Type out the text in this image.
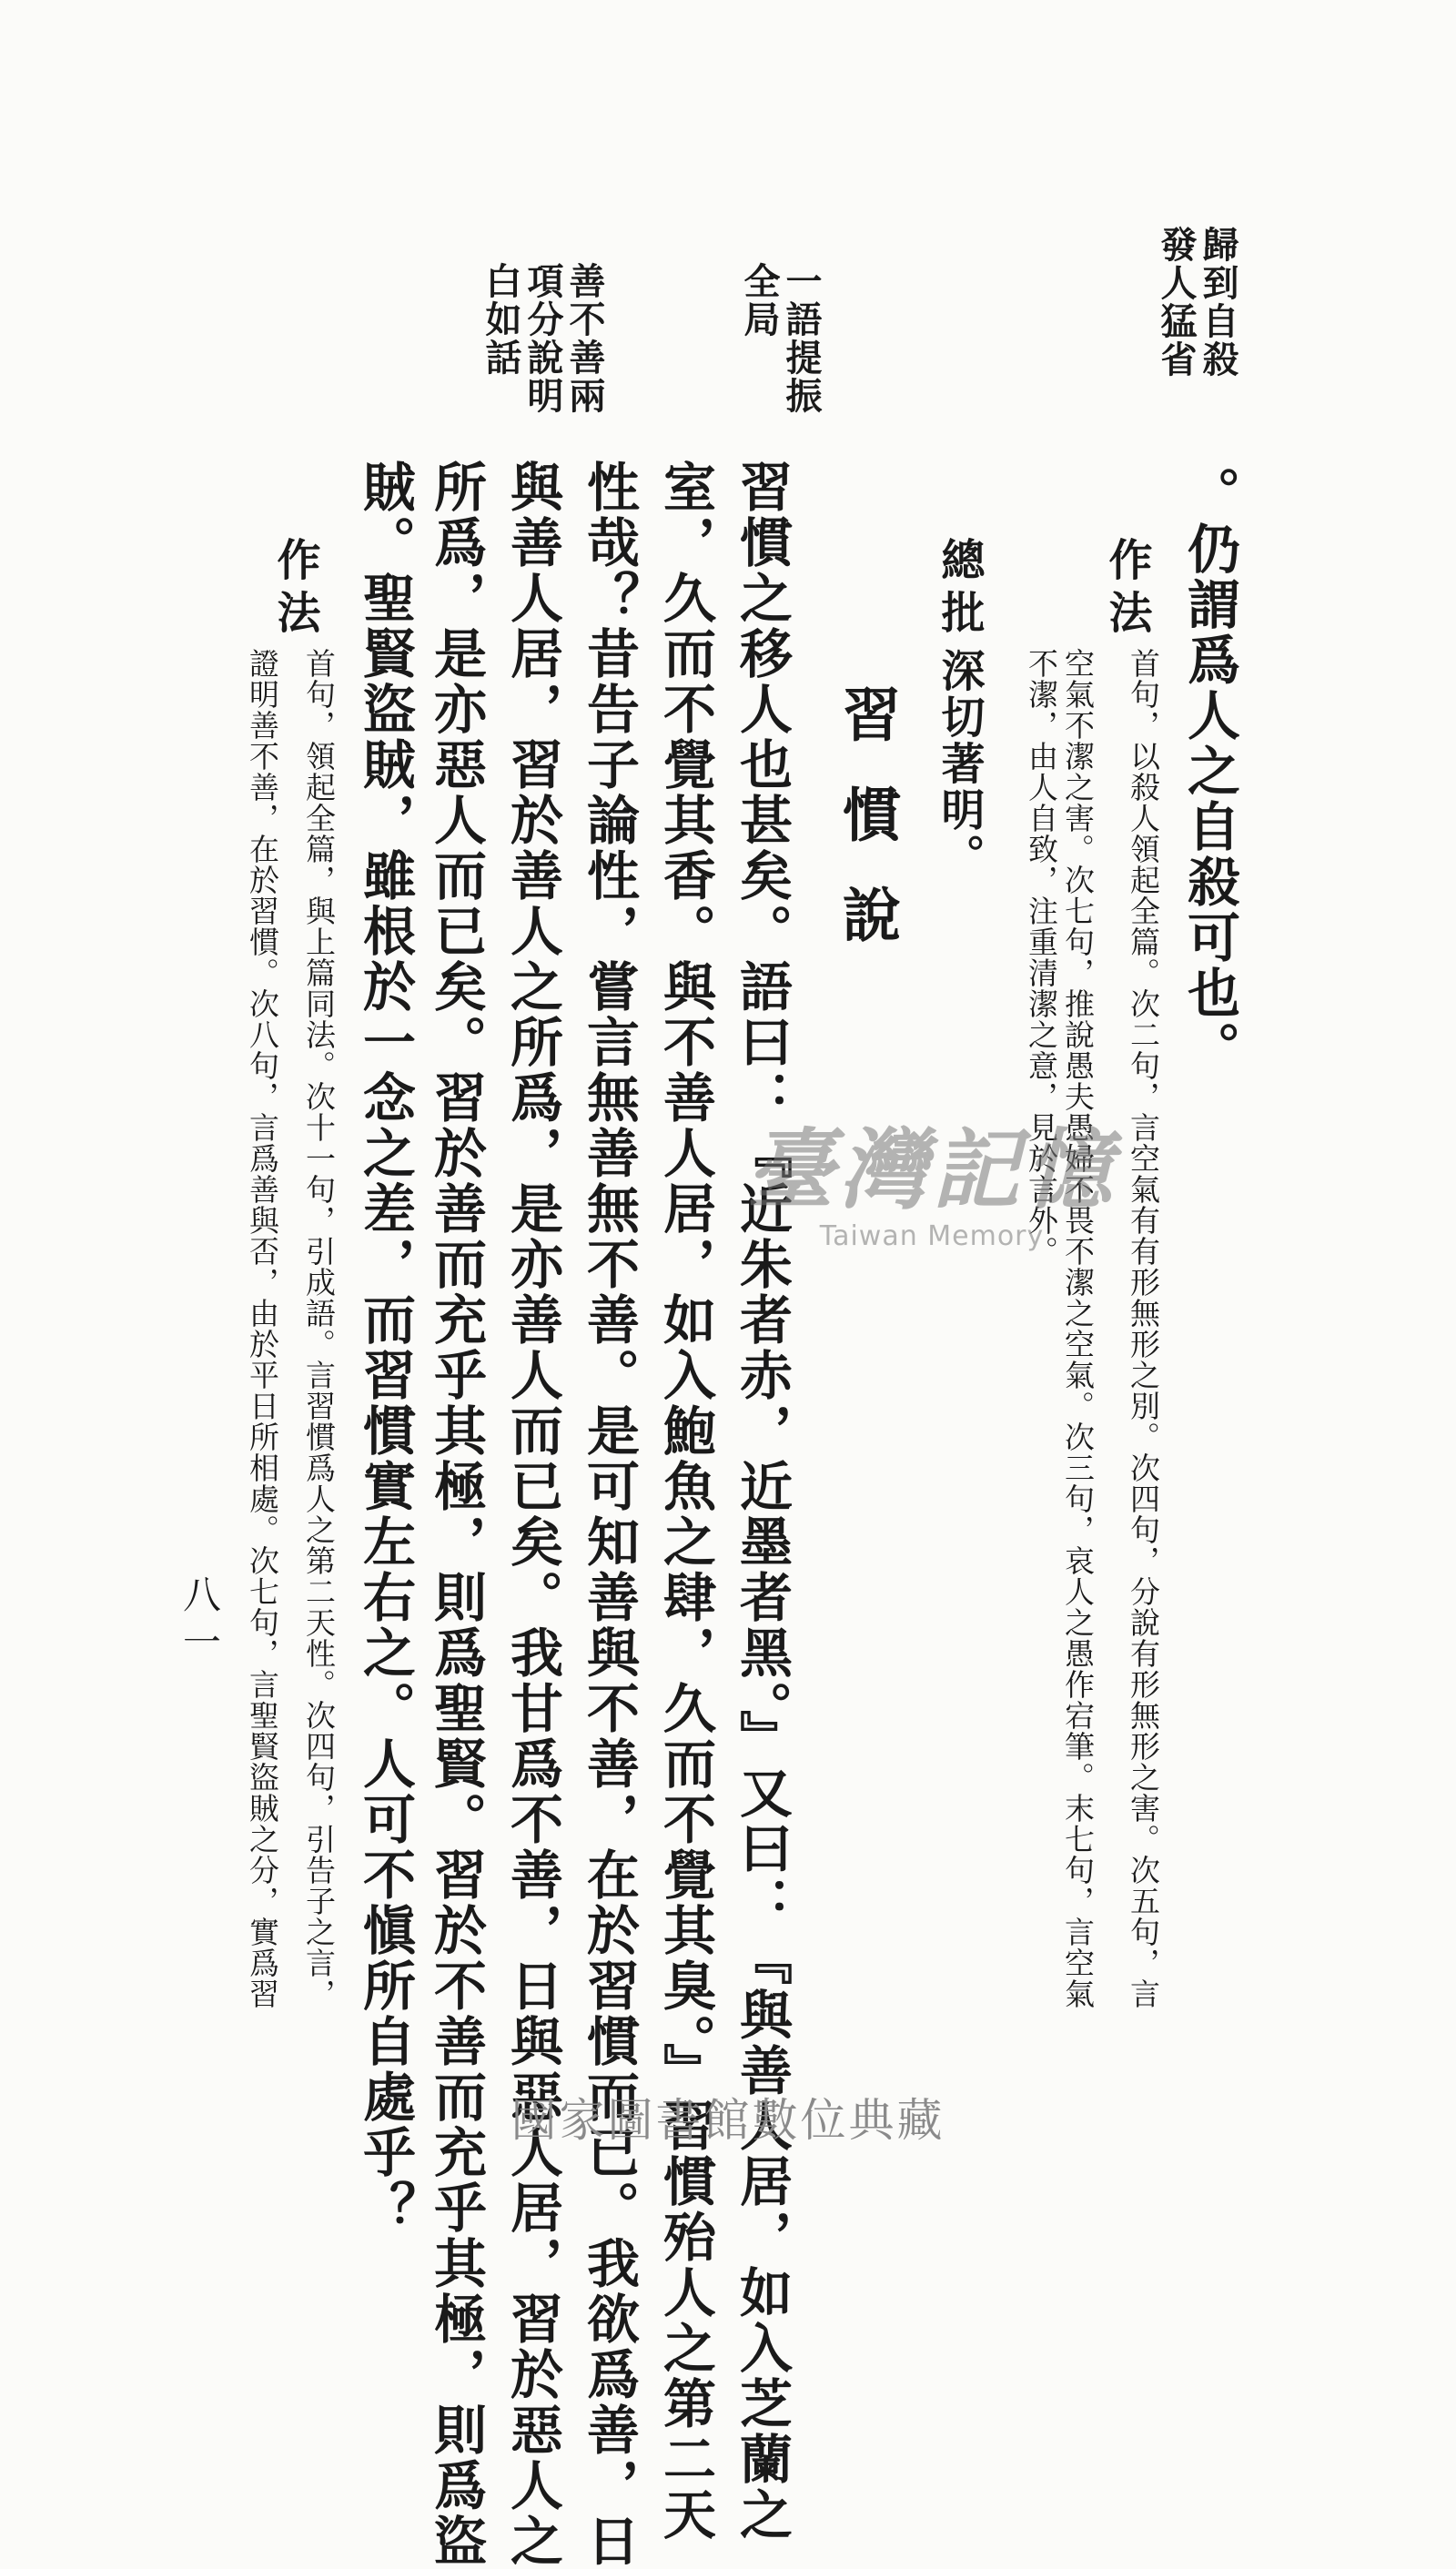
歸到自殺
發人猛省
一語提振
全局
善不善兩
項分說明
白如話
。仍謂爲人之自殺可也。
作法
首句，以殺人領起全篇。次二句，言空氣有有形無形之別。次四句，分說有形無形之害。次五句，言
空氣不潔之害。次七句，推說愚夫愚婦不畏不潔之空氣。次三句，哀人之愚作宕筆。末七句，言空氣
不潔，由人自致，注重清潔之意，見於言外。
總批
深切著明。
習慣說
習慣之移人也甚矣。語曰：『近朱者赤，近墨者黑。』又曰：『與善人居，如入芝蘭之
室，久而不覺其香。與不善人居，如入鮑魚之肆，久而不覺其臭。』習慣殆人之第二天
性哉？昔告子論性，嘗言無善無不善。是可知善與不善，在於習慣而已。我欲爲善，日
與善人居，習於善人之所爲，是亦善人而已矣。我甘爲不善，日與惡人居，習於惡人之
所爲，是亦惡人而已矣。習於善而充乎其極，則爲聖賢。習於不善而充乎其極，則爲盜
賊。聖賢盜賊，雖根於一念之差，而習慣實左右之。人可不愼所自處乎？
作法
首句，領起全篇，與上篇同法。次十一句，引成語。言習慣爲人之第二天性。次四句，引告子之言，
證明善不善，在於習慣。次八句，言爲善與否，由於平日所相處。次七句，言聖賢盜賊之分，實爲習
八一
臺灣記憶
Taiwan Memory
國家圖書館數位典藏
